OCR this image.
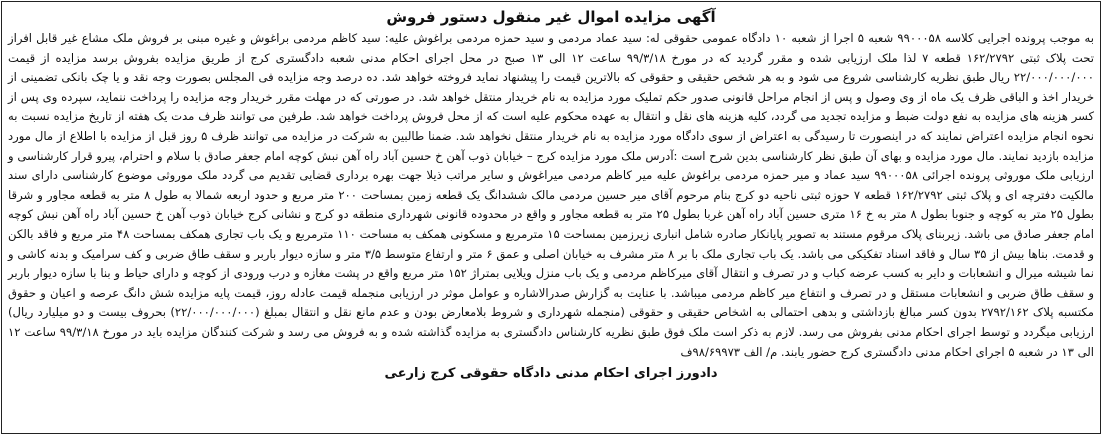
آگهی مزایده اموال غیر منقول دستور فروش

به موجب پرونده اجرایی کلاسه ۹۹۰۰۰۵۸ شعبه ۵ اجرا از شعبه ۱۰ دادگاه عمومی حقوقی له: سید عماد مردمی و سید حمزه مردمی براغوش علیه: سید کاظم مردمی براغوش و غیره مبنی بر فروش ملک مشاع غیر قابل افراز تحت پلاک ثبتی ۱۶۲/۲۷۹۲ قطعه ۷ لذا ملک ارزیابی شده و مقرر گردید که در مورخ ۹۹/۳/۱۸ ساعت ۱۲ الی ۱۳ صبح در محل اجرای احکام مدنی شعبه دادگستری کرج از طریق مزایده بفروش برسد مزایده از قیمت ۲۲/۰۰۰/۰۰۰/۰۰۰ ریال طبق نظریه کارشناسی شروع می شود و به هر شخص حقیقی و حقوقی که بالاترین قیمت را پیشنهاد نماید فروخته خواهد شد. ده درصد وجه مزایده فی المجلس بصورت وجه نقد و یا چک بانکی تضمینی از خریدار اخذ و الباقی ظرف یک ماه از وی وصول و پس از انجام مراحل قانونی صدور حکم تملیک مورد مزایده به نام خریدار منتقل خواهد شد. در صورتی که در مهلت مقرر خریدار وجه مزایده را پرداخت ننماید، سپرده وی پس از کسر هزینه های مزایده به نفع دولت ضبط و مزایده تجدید می گردد، کلیه هزینه های نقل و انتقال به عهده محکوم علیه است که از محل فروش پرداخت خواهد شد. طرفین می توانند ظرف مدت یک هفته از تاریخ مزایده نسبت به نحوه انجام مزایده اعتراض نمایند که در اینصورت تا رسیدگی به اعتراض از سوی دادگاه مورد مزایده به نام خریدار منتقل نخواهد شد. ضمنا طالبین به شرکت در مزایده می توانند ظرف ۵ روز قبل از مزایده با اطلاع از مال مورد مزایده بازدید نمایند. مال مورد مزایده و بهای آن طبق نظر کارشناسی بدین شرح است :آدرس ملک مورد مزایده کرج – خیابان ذوب آهن خ حسین آباد راه آهن نبش کوچه امام جعفر صادق با سلام و احترام، پیرو قرار کارشناسی و ارزیابی ملک موروثی پرونده اجرائی ۹۹۰۰۰۵۸ سید عماد و میر حمزه مردمی براغوش علیه میر کاظم مردمی میراغوش و سایر مراتب ذیلا جهت بهره برداری قضایی تقدیم می گردد ملک موروثی موضوع کارشناسی دارای سند مالکیت دفترچه ای و پلاک ثبتی ۱۶۲/۲۷۹۲ قطعه ۷ حوزه ثبتی ناحیه دو کرج بنام مرحوم آقای میر حسین مردمی مالک ششدانگ یک قطعه زمین بمساحت ۲۰۰ متر مربع و حدود اربعه شمالا به طول ۸ متر به قطعه مجاور و شرقا بطول ۲۵ متر به کوچه و جنوبا بطول ۸ متر به خ ۱۶ متری حسین آباد راه آهن غربا بطول ۲۵ متر به قطعه مجاور و واقع در محدوده قانونی شهرداری منطقه دو کرج و نشانی کرج خیابان ذوب آهن خ حسین آباد راه آهن نبش کوچه امام جعفر صادق می باشد. زیربنای پلاک مرقوم مستند به تصویر پایانکار صادره شامل انباری زیرزمین بمساحت ۱۵ مترمربع و مسکونی همکف به مساحت ۱۱۰ مترمربع و یک باب تجاری همکف بمساحت ۴۸ متر مربع و فاقد بالکن و قدمت. بناها بیش از ۳۵ سال و فاقد اسناد تفکیکی می باشد. یک باب تجاری ملک با بر ۸ متر مشرف به خیابان اصلی و عمق ۶ متر و ارتفاع متوسط ۳/۵ متر و سازه دیوار باربر و سقف طاق ضربی و کف سرامیک و بدنه کاشی و نما شیشه میرال و انشعابات و دایر به کسب عرضه کباب و در تصرف و انتقال آقای میرکاظم مردمی و یک باب منزل ویلایی بمتراژ ۱۵۲ متر مربع واقع در پشت مغازه و درب ورودی از کوچه و دارای حیاط و بنا با سازه دیوار باربر و سقف طاق ضربی و انشعابات مستقل و در تصرف و انتفاع میر کاظم مردمی میباشد. با عنایت به گزارش صدرالاشاره و عوامل موثر در ارزیابی منجمله قیمت عادله روز، قیمت پایه مزایده شش دانگ عرصه و اعیان و حقوق مکتسبه پلاک ۲۷۹۲/۱۶۲ بدون کسر مبالغ بازداشتی و بدهی احتمالی به اشخاص حقیقی و حقوقی (منجمله شهرداری و شروط بلامعارض بودن و عدم مانع نقل و انتقال بمبلغ (۲۲/۰۰۰/۰۰۰/۰۰۰) بحروف بیست و دو میلیارد ریال) ارزیابی میگردد و توسط اجرای احکام مدنی بفروش می رسد. لازم به ذکر است ملک فوق طبق نظریه کارشناس دادگستری به مزایده گذاشته شده و به فروش می رسد و شرکت کنندگان مزایده باید در مورخ ۹۹/۳/۱۸ ساعت ۱۲ الی ۱۳ در شعبه ۵ اجرای احکام مدنی دادگستری کرج حضور یابند. م/ الف ۹۸/۶۹۹۷۳ف

دادورز اجرای احکام مدنی دادگاه حقوقی کرج زارعی
